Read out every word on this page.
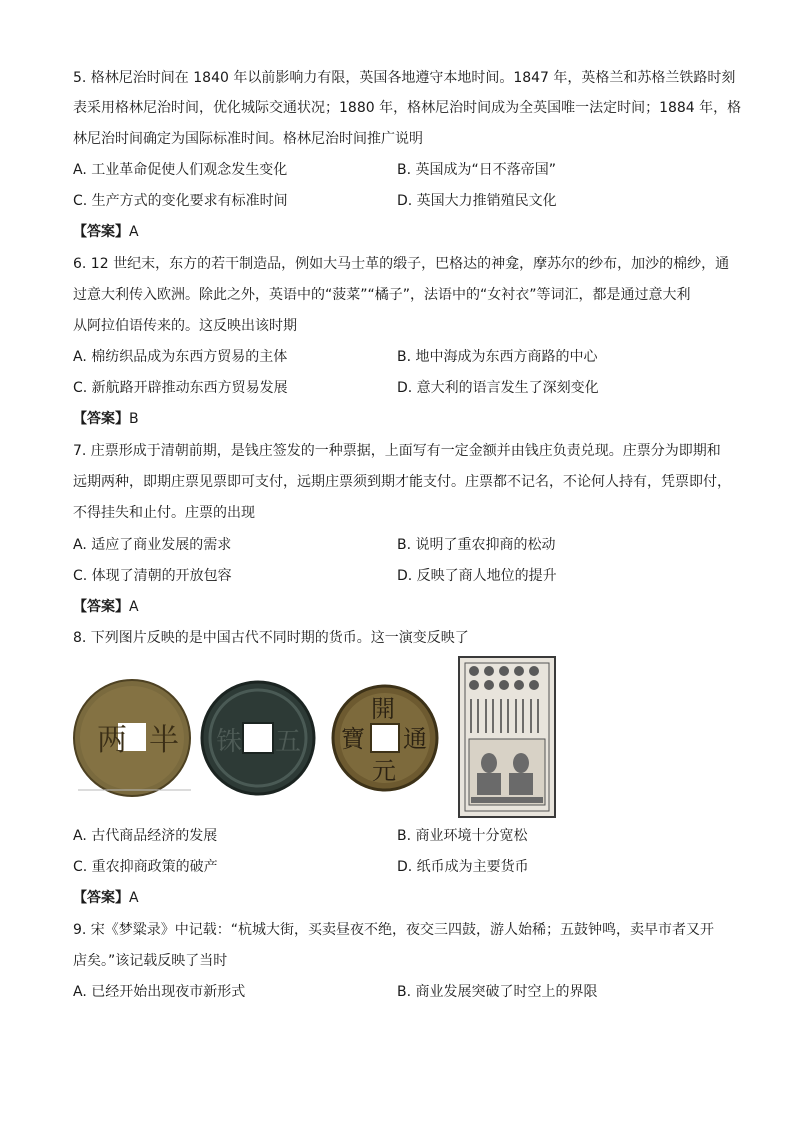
5. 格林尼治时间在 1840 年以前影响力有限，英国各地遵守本地时间。1847 年，英格兰和苏格兰铁路时刻
表采用格林尼治时间，优化城际交通状况；1880 年，格林尼治时间成为全英国唯一法定时间；1884 年，格
林尼治时间确定为国际标准时间。格林尼治时间推广说明
A. 工业革命促使人们观念发生变化	B. 英国成为“日不落帝国”
C. 生产方式的变化要求有标准时间	D. 英国大力推销殖民文化
【答案】A
6. 12 世纪末，东方的若干制造品，例如大马士革的缎子，巴格达的神龛，摩苏尔的纱布，加沙的棉纱，通
过意大利传入欧洲。除此之外，英语中的“菠菜”“橘子”，法语中的“女衬衣”等词汇，都是通过意大利
从阿拉伯语传来的。这反映出该时期
A. 棉纺织品成为东西方贸易的主体	B. 地中海成为东西方商路的中心
C. 新航路开辟推动东西方贸易发展	D. 意大利的语言发生了深刻变化
【答案】B
7. 庄票形成于清朝前期，是钱庄签发的一种票据，上面写有一定金额并由钱庄负责兑现。庄票分为即期和
远期两种，即期庄票见票即可支付，远期庄票须到期才能支付。庄票都不记名，不论何人持有，凭票即付，
不得挂失和止付。庄票的出现
A. 适应了商业发展的需求	B. 说明了重农抑商的松动
C. 体现了清朝的开放包容	D. 反映了商人地位的提升
【答案】A
8. 下列图片反映的是中国古代不同时期的货币。这一演变反映了
两 半 铢 五
開
通
元
寶
A. 古代商品经济的发展	B. 商业环境十分宽松
C. 重农抑商政策的破产	D. 纸币成为主要货币
【答案】A
9. 宋《梦粱录》中记载：“杭城大街，买卖昼夜不绝，夜交三四鼓，游人始稀；五鼓钟鸣，卖早市者又开
店矣。”该记载反映了当时
A. 已经开始出现夜市新形式	B. 商业发展突破了时空上的界限
